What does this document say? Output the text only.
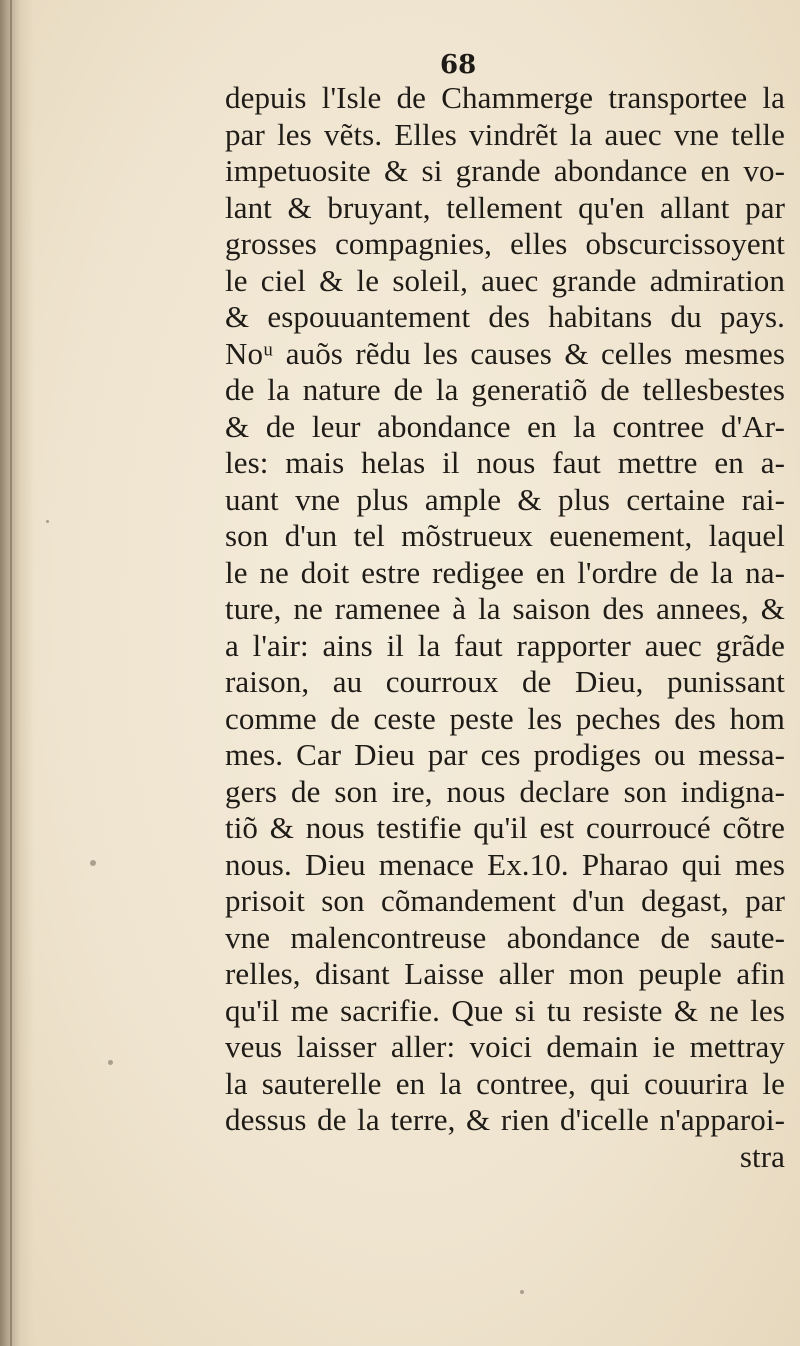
68
depuis l'Isle de Chammerge transportee la
par les vẽts. Elles vindrẽt la auec vne telle
impetuosite & si grande abondance en vo-
lant & bruyant, tellement qu'en allant par
grosses compagnies, elles obscurcissoyent
le ciel & le soleil, auec grande admiration
& espouuantement des habitans du pays.
Noᵘ auõs rẽdu les causes & celles mesmes
de la nature de la generatiõ de tellesbestes
& de leur abondance en la contree d'Ar-
les: mais helas il nous faut mettre en a-
uant vne plus ample & plus certaine rai-
son d'un tel mõstrueux euenement, laquel
le ne doit estre redigee en l'ordre de la na-
ture, ne ramenee à la saison des annees, &
a l'air: ains il la faut rapporter auec grãde
raison, au courroux de Dieu, punissant
comme de ceste peste les peches des hom
mes. Car Dieu par ces prodiges ou messa-
gers de son ire, nous declare son indigna-
tiõ & nous testifie qu'il est courroucé cõtre
nous. Dieu menace Ex.10. Pharao qui mes
prisoit son cõmandement d'un degast, par
vne malencontreuse abondance de saute-
relles, disant Laisse aller mon peuple afin
qu'il me sacrifie. Que si tu resiste & ne les
veus laisser aller: voici demain ie mettray
la sauterelle en la contree, qui couurira le
dessus de la terre, & rien d'icelle n'apparoi-
stra
